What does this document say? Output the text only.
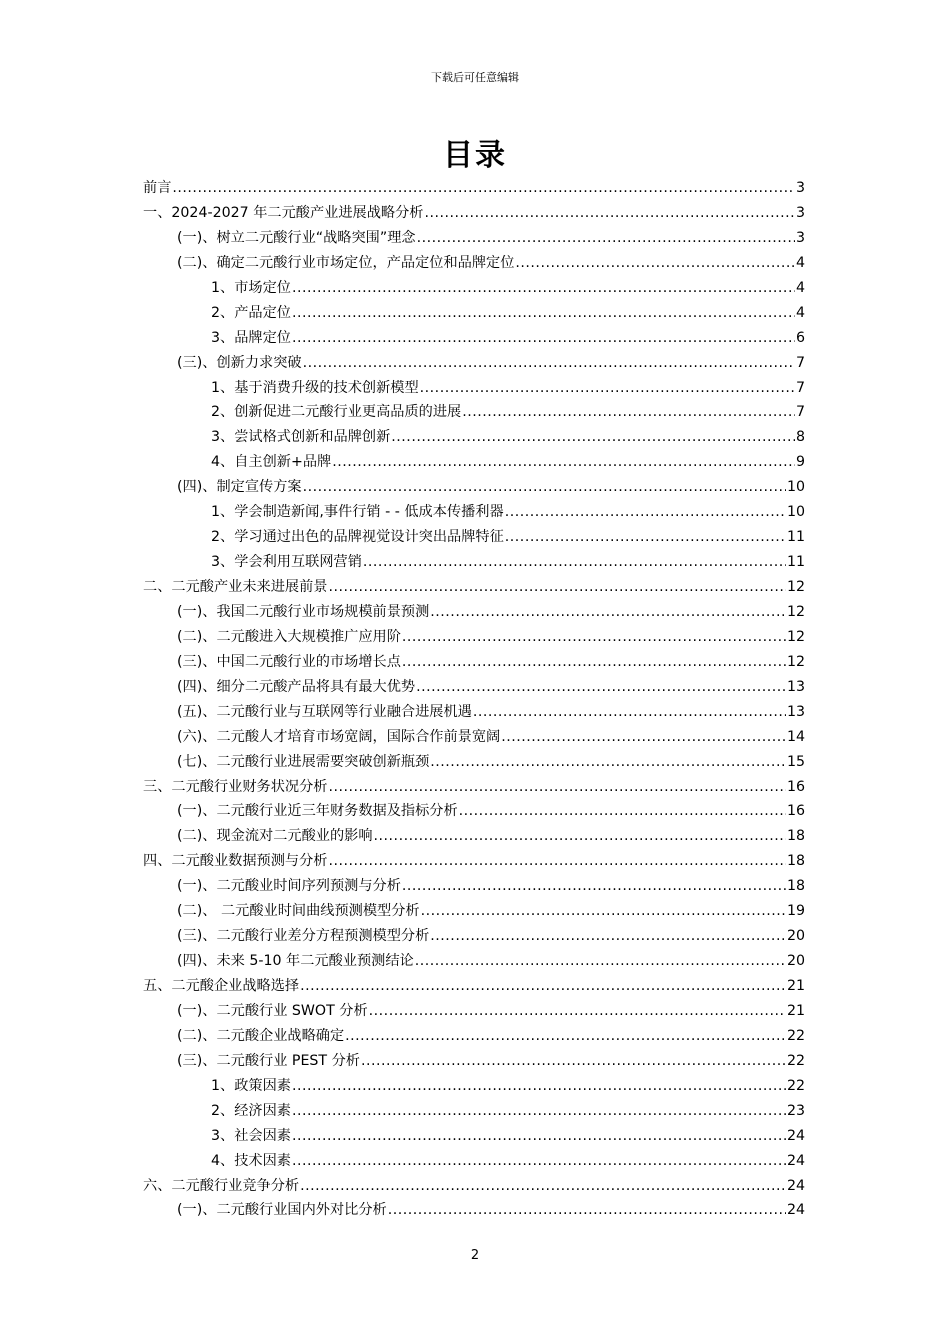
下载后可任意编辑
目录
前言 .....	3
一、2024-2027 年二元酸产业进展战略分析 .....	3
(一)、树立二元酸行业“战略突围”理念 .....	3
(二)、确定二元酸行业市场定位，产品定位和品牌定位 .....	4
1、市场定位 .....	4
2、产品定位 .....	4
3、品牌定位 .....	6
(三)、创新力求突破 .....	7
1、基于消费升级的技术创新模型 .....	7
2、创新促进二元酸行业更高品质的进展 .....	7
3、尝试格式创新和品牌创新 .....	8
4、自主创新+品牌 .....	9
(四)、制定宣传方案 .....	10
1、学会制造新闻,事件行销 - - 低成本传播利器 .....	10
2、学习通过出色的品牌视觉设计突出品牌特征 .....	11
3、学会利用互联网营销 .....	11
二、二元酸产业未来进展前景 .....	12
(一)、我国二元酸行业市场规模前景预测 .....	12
(二)、二元酸进入大规模推广应用阶 .....	12
(三)、中国二元酸行业的市场增长点 .....	12
(四)、细分二元酸产品将具有最大优势 .....	13
(五)、二元酸行业与互联网等行业融合进展机遇 .....	13
(六)、二元酸人才培育市场宽阔，国际合作前景宽阔 .....	14
(七)、二元酸行业进展需要突破创新瓶颈 .....	15
三、二元酸行业财务状况分析 .....	16
(一)、二元酸行业近三年财务数据及指标分析 .....	16
(二)、现金流对二元酸业的影响 .....	18
四、二元酸业数据预测与分析 .....	18
(一)、二元酸业时间序列预测与分析 .....	18
(二)、 二元酸业时间曲线预测模型分析 .....	19
(三)、二元酸行业差分方程预测模型分析 .....	20
(四)、未来 5-10 年二元酸业预测结论 .....	20
五、二元酸企业战略选择 .....	21
(一)、二元酸行业 SWOT 分析 .....	21
(二)、二元酸企业战略确定 .....	22
(三)、二元酸行业 PEST 分析 .....	22
1、政策因素 .....	22
2、经济因素 .....	23
3、社会因素 .....	24
4、技术因素 .....	24
六、二元酸行业竞争分析 .....	24
(一)、二元酸行业国内外对比分析 .....	24
2
